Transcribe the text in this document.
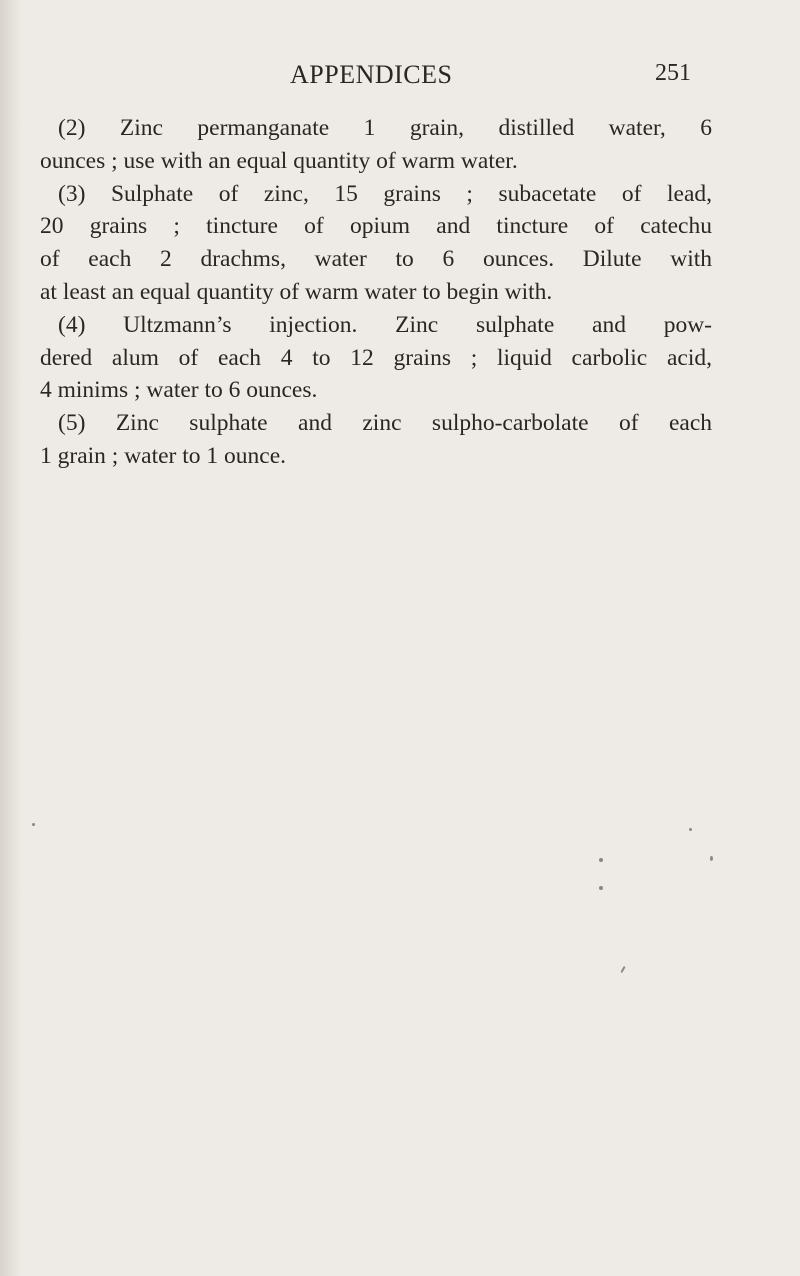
APPENDICES	251
(2) Zinc permanganate 1 grain, distilled water, 6
ounces ; use with an equal quantity of warm water.
(3) Sulphate of zinc, 15 grains ; subacetate of lead,
20 grains ; tincture of opium and tincture of catechu
of each 2 drachms, water to 6 ounces. Dilute with
at least an equal quantity of warm water to begin with.
(4) Ultzmann’s injection. Zinc sulphate and pow-
dered alum of each 4 to 12 grains ; liquid carbolic acid,
4 minims ; water to 6 ounces.
(5) Zinc sulphate and zinc sulpho-carbolate of each
1 grain ; water to 1 ounce.
